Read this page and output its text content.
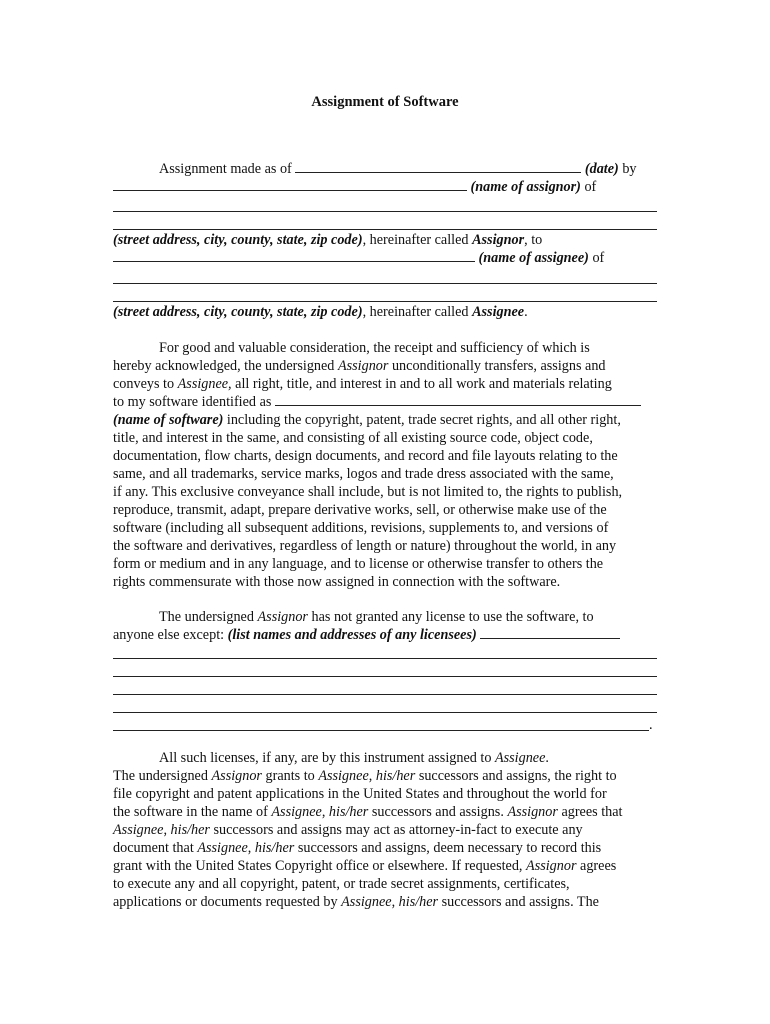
Assignment of Software
Assignment made as of	(date) by
(name of assignor) of
(street address, city, county, state, zip code), hereinafter called Assignor, to
(name of assignee) of
(street address, city, county, state, zip code), hereinafter called Assignee.
For good and valuable consideration, the receipt and sufficiency of which is
hereby acknowledged, the undersigned Assignor unconditionally transfers, assigns and
conveys to Assignee, all right, title, and interest in and to all work and materials relating
to my software identified as
(name of software) including the copyright, patent, trade secret rights, and all other right,
title, and interest in the same, and consisting of all existing source code, object code,
documentation, flow charts, design documents, and record and file layouts relating to the
same, and all trademarks, service marks, logos and trade dress associated with the same,
if any. This exclusive conveyance shall include, but is not limited to, the rights to publish,
reproduce, transmit, adapt, prepare derivative works, sell, or otherwise make use of the
software (including all subsequent additions, revisions, supplements to, and versions of
the software and derivatives, regardless of length or nature) throughout the world, in any
form or medium and in any language, and to license or otherwise transfer to others the
rights commensurate with those now assigned in connection with the software.
The undersigned Assignor has not granted any license to use the software, to
anyone else except: (list names and addresses of any licensees)
.
All such licenses, if any, are by this instrument assigned to Assignee.
The undersigned Assignor grants to Assignee, his/her successors and assigns, the right to
file copyright and patent applications in the United States and throughout the world for
the software in the name of Assignee, his/her successors and assigns. Assignor agrees that
Assignee, his/her successors and assigns may act as attorney-in-fact to execute any
document that Assignee, his/her successors and assigns, deem necessary to record this
grant with the United States Copyright office or elsewhere. If requested, Assignor agrees
to execute any and all copyright, patent, or trade secret assignments, certificates,
applications or documents requested by Assignee, his/her successors and assigns. The
